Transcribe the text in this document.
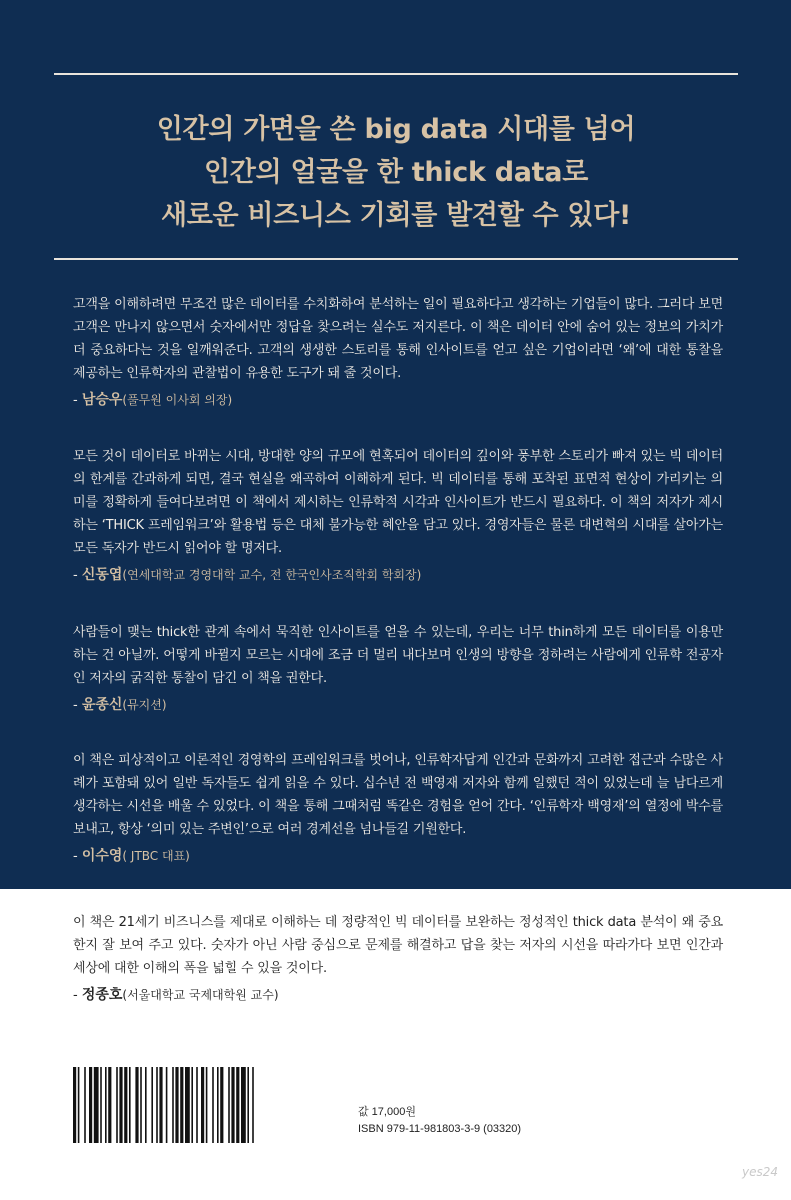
인간의 가면을 쓴 big data 시대를 넘어
인간의 얼굴을 한 thick data로
새로운 비즈니스 기회를 발견할 수 있다!

고객을 이해하려면 무조건 많은 데이터를 수치화하여 분석하는 일이 필요하다고 생각하는 기업들이 많다. 그러다 보면 고객은 만나지 않으면서 숫자에서만 정답을 찾으려는 실수도 저지른다. 이 책은 데이터 안에 숨어 있는 정보의 가치가 더 중요하다는 것을 일깨워준다. 고객의 생생한 스토리를 통해 인사이트를 얻고 싶은 기업이라면 ‘왜’에 대한 통찰을 제공하는 인류학자의 관찰법이 유용한 도구가 돼 줄 것이다.

- 남승우(풀무원 이사회 의장)

모든 것이 데이터로 바뀌는 시대, 방대한 양의 규모에 현혹되어 데이터의 깊이와 풍부한 스토리가 빠져 있는 빅 데이터의 한계를 간과하게 되면, 결국 현실을 왜곡하여 이해하게 된다. 빅 데이터를 통해 포착된 표면적 현상이 가리키는 의미를 정확하게 들여다보려면 이 책에서 제시하는 인류학적 시각과 인사이트가 반드시 필요하다. 이 책의 저자가 제시하는 ‘THICK 프레임워크’와 활용법 등은 대체 불가능한 혜안을 담고 있다. 경영자들은 물론 대변혁의 시대를 살아가는 모든 독자가 반드시 읽어야 할 명저다.

- 신동엽(연세대학교 경영대학 교수, 전 한국인사조직학회 학회장)

사람들이 맺는 thick한 관계 속에서 묵직한 인사이트를 얻을 수 있는데, 우리는 너무 thin하게 모든 데이터를 이용만 하는 건 아닐까. 어떻게 바뀔지 모르는 시대에 조금 더 멀리 내다보며 인생의 방향을 정하려는 사람에게 인류학 전공자인 저자의 굵직한 통찰이 담긴 이 책을 권한다.

- 윤종신(뮤지션)

이 책은 피상적이고 이론적인 경영학의 프레임워크를 벗어나, 인류학자답게 인간과 문화까지 고려한 접근과 수많은 사례가 포함돼 있어 일반 독자들도 쉽게 읽을 수 있다. 십수년 전 백영재 저자와 함께 일했던 적이 있었는데 늘 남다르게 생각하는 시선을 배울 수 있었다. 이 책을 통해 그때처럼 똑같은 경험을 얻어 간다. ‘인류학자 백영재’의 열정에 박수를 보내고, 항상 ‘의미 있는 주변인’으로 여러 경계선을 넘나들길 기원한다.

- 이수영( JTBC 대표)

이 책은 21세기 비즈니스를 제대로 이해하는 데 정량적인 빅 데이터를 보완하는 정성적인 thick data 분석이 왜 중요한지 잘 보여 주고 있다. 숫자가 아닌 사람 중심으로 문제를 해결하고 답을 찾는 저자의 시선을 따라가다 보면 인간과 세상에 대한 이해의 폭을 넓힐 수 있을 것이다.

- 정종호(서울대학교 국제대학원 교수)

값 17,000원
ISBN 979-11-981803-3-9 (03320)
yes24
